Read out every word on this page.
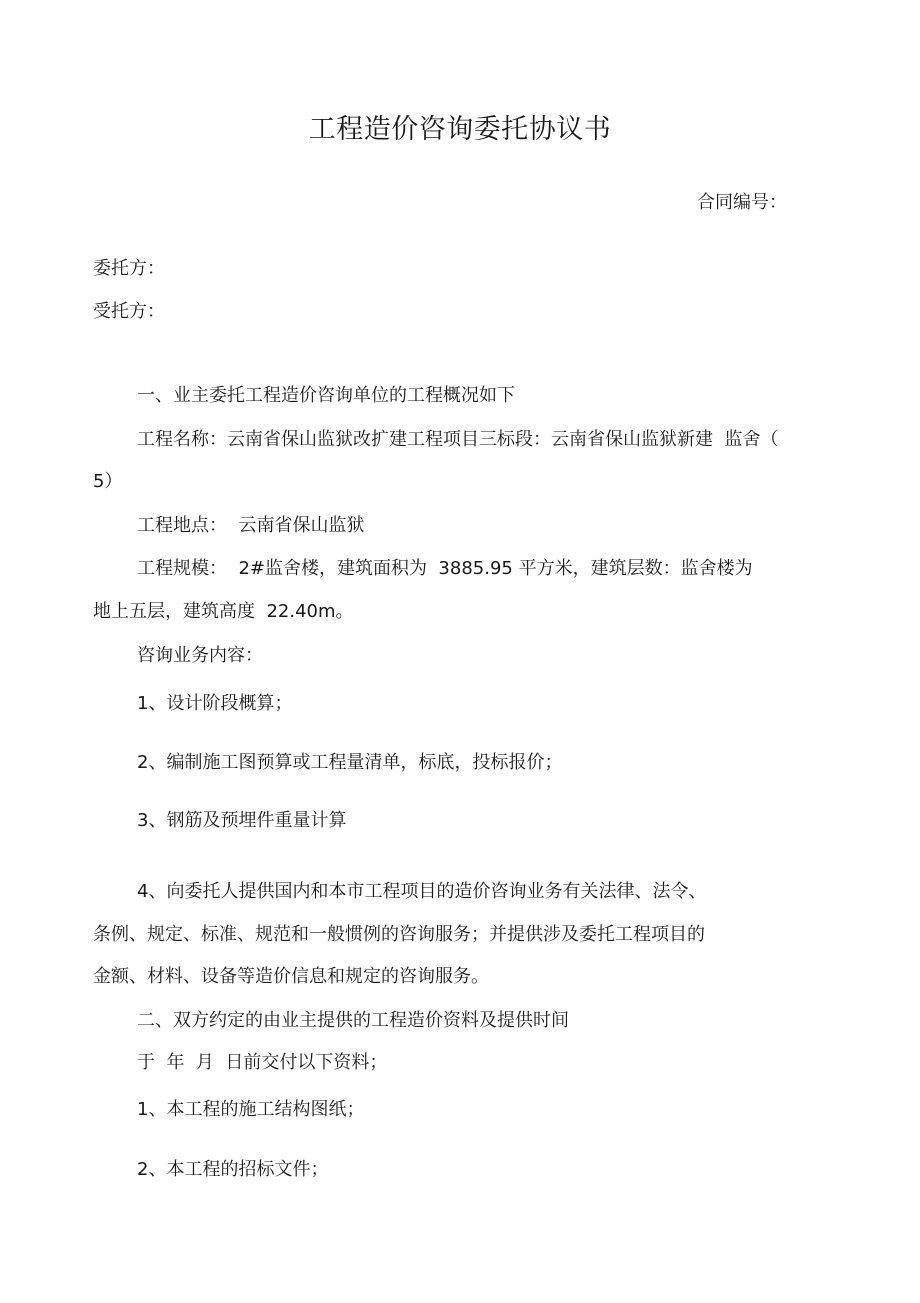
工程造价咨询委托协议书
合同编号：
委托方：
受托方：
一、业主委托工程造价咨询单位的工程概况如下
工程名称：云南省保山监狱改扩建工程项目三标段：云南省保山监狱新建  监舍（
5）
工程地点：  云南省保山监狱
工程规模：  2#监舍楼，建筑面积为  3885.95 平方米，建筑层数：监舍楼为
地上五层，建筑高度  22.40m。
咨询业务内容：
1、设计阶段概算；
2、编制施工图预算或工程量清单，标底，投标报价；
3、钢筋及预埋件重量计算
4、向委托人提供国内和本市工程项目的造价咨询业务有关法律、法令、
条例、规定、标准、规范和一般惯例的咨询服务；并提供涉及委托工程项目的
金额、材料、设备等造价信息和规定的咨询服务。
二、双方约定的由业主提供的工程造价资料及提供时间
于  年  月  日前交付以下资料；
1、本工程的施工结构图纸；
2、本工程的招标文件；
